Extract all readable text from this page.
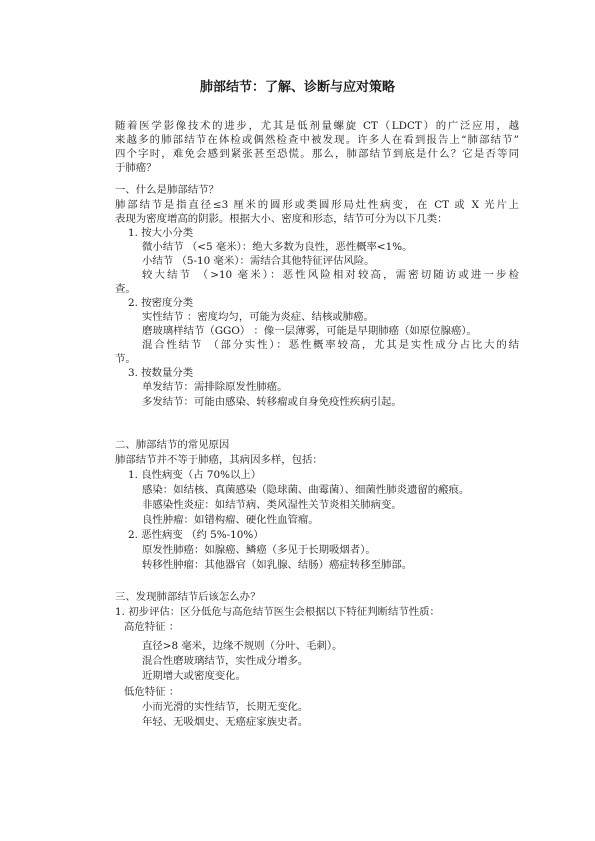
肺部结节：了解、诊断与应对策略
随着医学影像技术的进步，尤其是低剂量螺旋 CT（LDCT）的广泛应用，越
来越多的肺部结节在体检或偶然检查中被发现。许多人在看到报告上“肺部结节”
四个字时，难免会感到紧张甚至恐慌。那么，肺部结节到底是什么？它是否等同
于肺癌？
一、什么是肺部结节？
肺部结节是指直径≤3 厘米的圆形或类圆形局灶性病变，在 CT 或 X 光片上
表现为密度增高的阴影。根据大小、密度和形态，结节可分为以下几类：
1. 按大小分类
微小结节 （<5 毫米）：绝大多数为良性，恶性概率<1%。
小结节 （5-10 毫米）：需结合其他特征评估风险。
较大结节 （>10 毫米）：恶性风险相对较高，需密切随访或进一步检
查。
2. 按密度分类
实性结节 ：密度均匀，可能为炎症、结核或肺癌。
磨玻璃样结节（GGO） ：像一层薄雾，可能是早期肺癌（如原位腺癌）。
混合性结节 （部分实性）：恶性概率较高，尤其是实性成分占比大的结
节。
3. 按数量分类
单发结节：需排除原发性肺癌。
多发结节：可能由感染、转移瘤或自身免疫性疾病引起。
二、肺部结节的常见原因
肺部结节并不等于肺癌，其病因多样，包括：
1. 良性病变（占 70%以上）
感染：如结核、真菌感染（隐球菌、曲霉菌）、细菌性肺炎遗留的瘢痕。
非感染性炎症：如结节病、类风湿性关节炎相关肺病变。
良性肿瘤：如错构瘤、硬化性血管瘤。
2. 恶性病变 （约 5%-10%）
原发性肺癌：如腺癌、鳞癌（多见于长期吸烟者）。
转移性肿瘤：其他器官（如乳腺、结肠）癌症转移至肺部。
三、发现肺部结节后该怎么办？
1. 初步评估：区分低危与高危结节医生会根据以下特征判断结节性质：
高危特征 ：
直径>8 毫米，边缘不规则（分叶、毛刺）。
混合性磨玻璃结节，实性成分增多。
近期增大或密度变化。
低危特征 ：
小而光滑的实性结节，长期无变化。
年轻、无吸烟史、无癌症家族史者。
